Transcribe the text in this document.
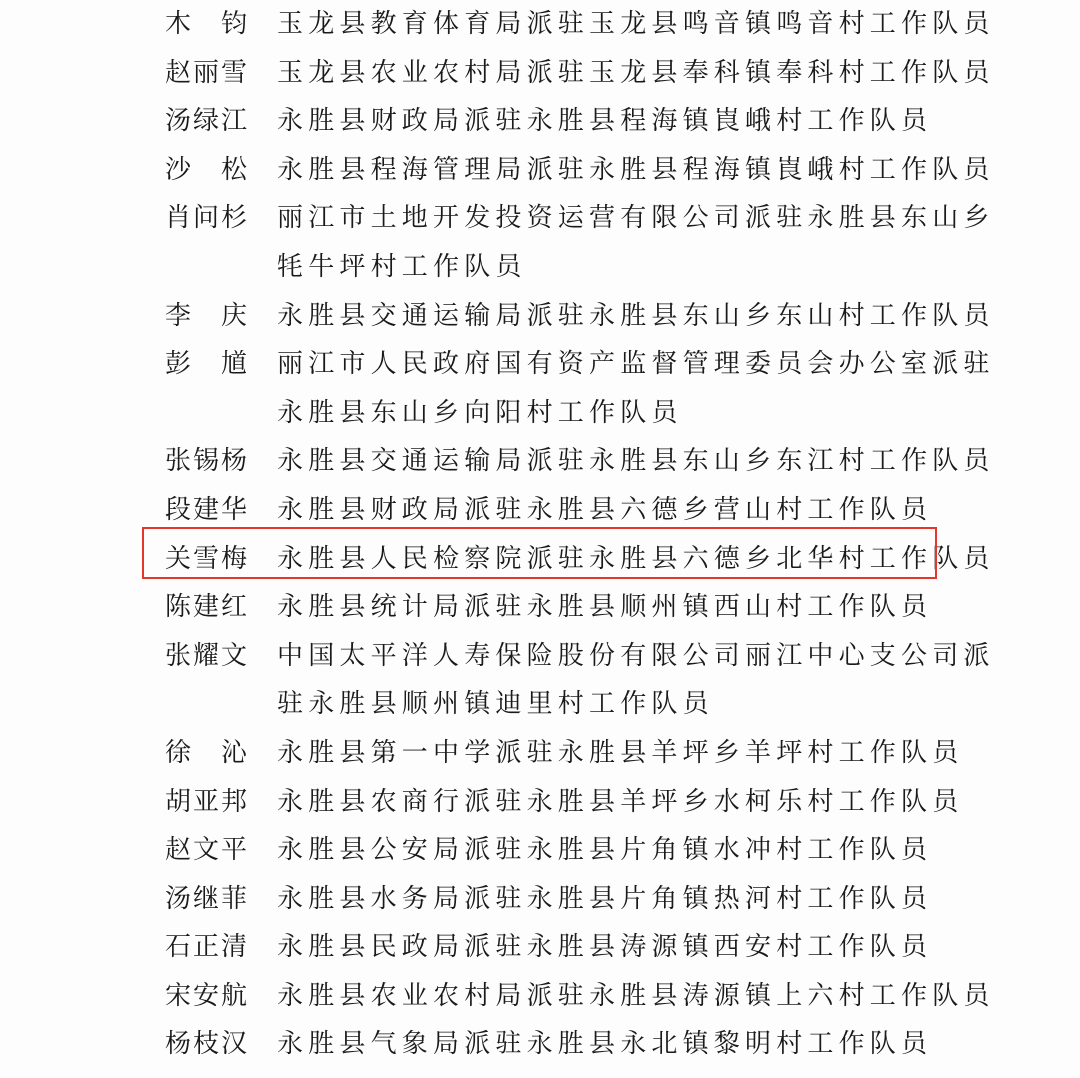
木 钧 玉龙县教育体育局派驻玉龙县鸣音镇鸣音村工作队员
赵丽雪	玉龙县农业农村局派驻玉龙县奉科镇奉科村工作队员
汤绿江	永胜县财政局派驻永胜县程海镇崀峨村工作队员
沙 松 永胜县程海管理局派驻永胜县程海镇崀峨村工作队员
肖问杉	丽江市土地开发投资运营有限公司派驻永胜县东山乡
牦牛坪村工作队员
李 庆 永胜县交通运输局派驻永胜县东山乡东山村工作队员
彭 馗 丽江市人民政府国有资产监督管理委员会办公室派驻
永胜县东山乡向阳村工作队员
张锡杨	永胜县交通运输局派驻永胜县东山乡东江村工作队员
段建华	永胜县财政局派驻永胜县六德乡营山村工作队员
关雪梅	永胜县人民检察院派驻永胜县六德乡北华村工作队员
陈建红	永胜县统计局派驻永胜县顺州镇西山村工作队员
张耀文	中国太平洋人寿保险股份有限公司丽江中心支公司派
驻永胜县顺州镇迪里村工作队员
徐 沁 永胜县第一中学派驻永胜县羊坪乡羊坪村工作队员
胡亚邦	永胜县农商行派驻永胜县羊坪乡水柯乐村工作队员
赵文平	永胜县公安局派驻永胜县片角镇水冲村工作队员
汤继菲	永胜县水务局派驻永胜县片角镇热河村工作队员
石正清	永胜县民政局派驻永胜县涛源镇西安村工作队员
宋安航	永胜县农业农村局派驻永胜县涛源镇上六村工作队员
杨枝汉	永胜县气象局派驻永胜县永北镇黎明村工作队员
